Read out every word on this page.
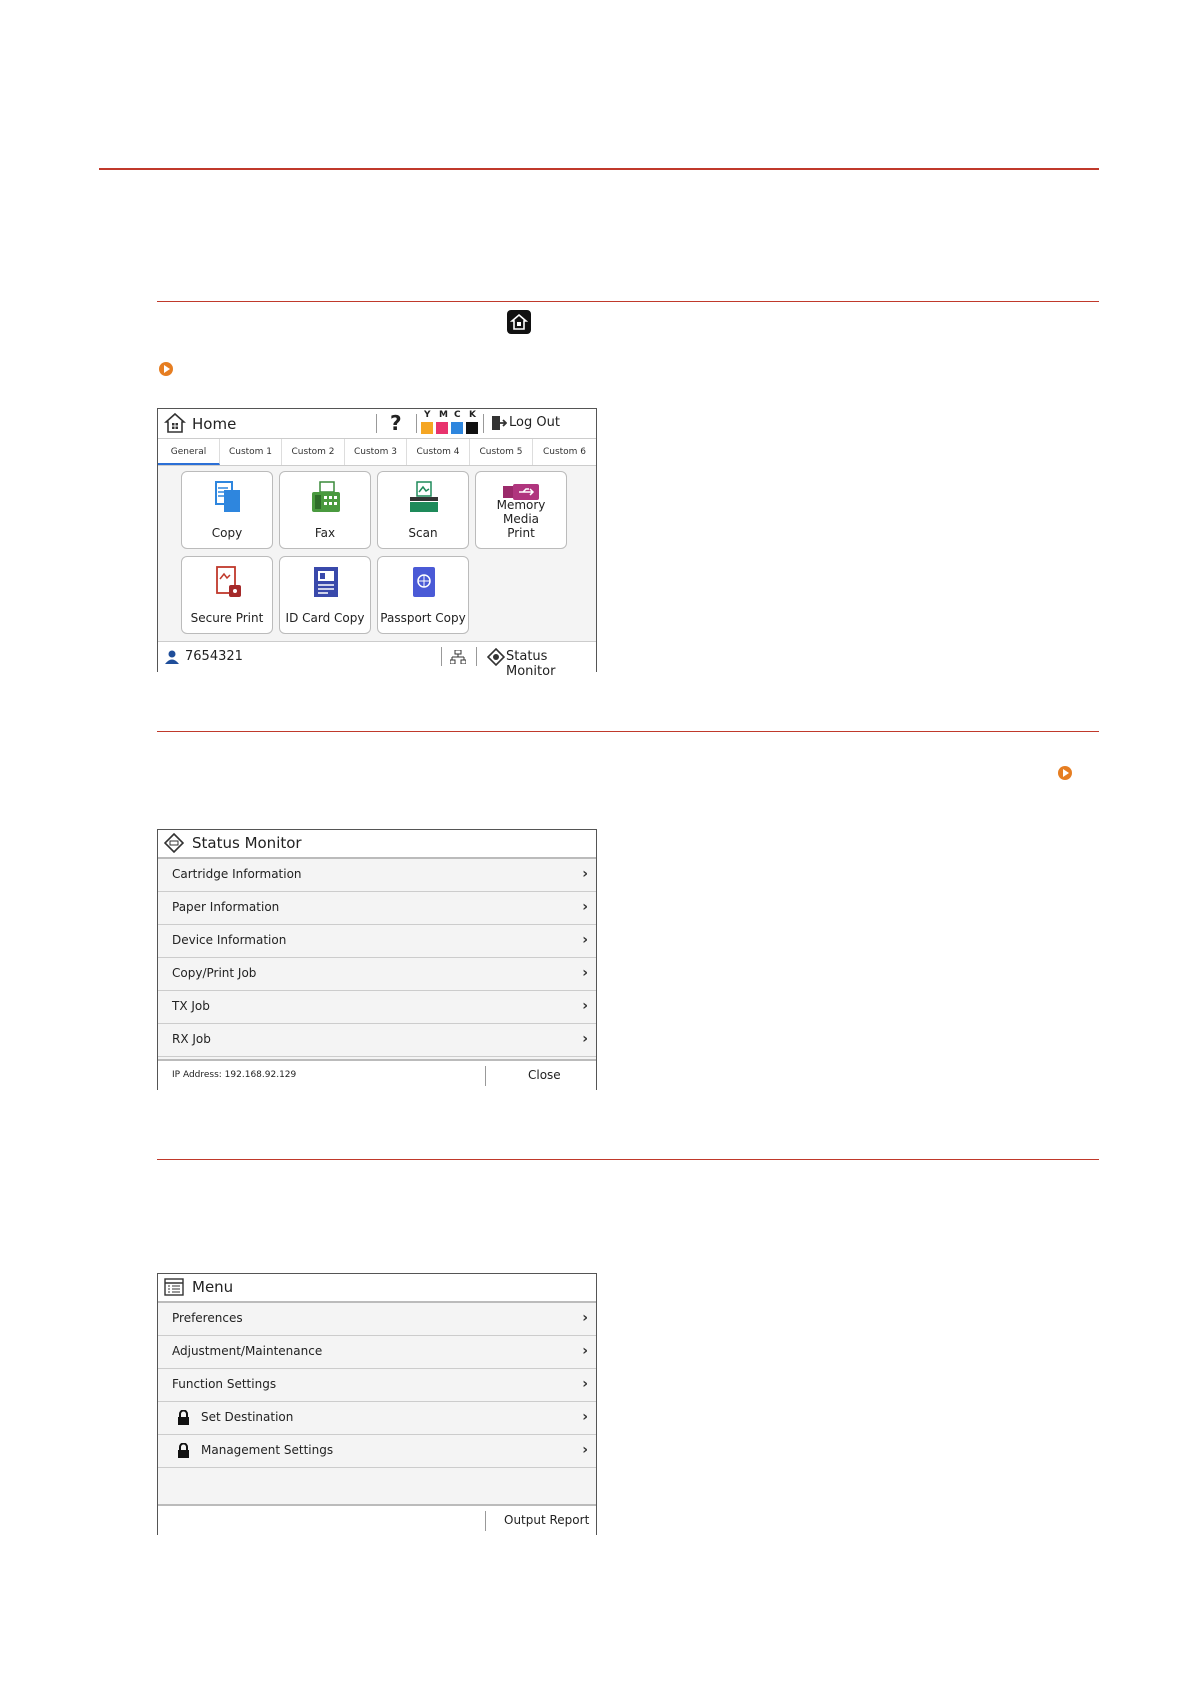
Home	? Y M C K	Log Out
General	Custom 1	Custom 2	Custom 3	Custom 4	Custom 5	Custom 6
Copy	Fax	Scan
Memory Media Print
Secure Print	ID Card Copy	Passport Copy
7654321	Status Monitor
Status Monitor
Cartridge Information	›
Paper Information	›
Device Information	›
Copy/Print Job	›
TX Job	›
RX Job	›
IP Address: 192.168.92.129	Close
Menu
Preferences	›
Adjustment/Maintenance	›
Function Settings	›
Set Destination	›
Management Settings	›
Output Report
